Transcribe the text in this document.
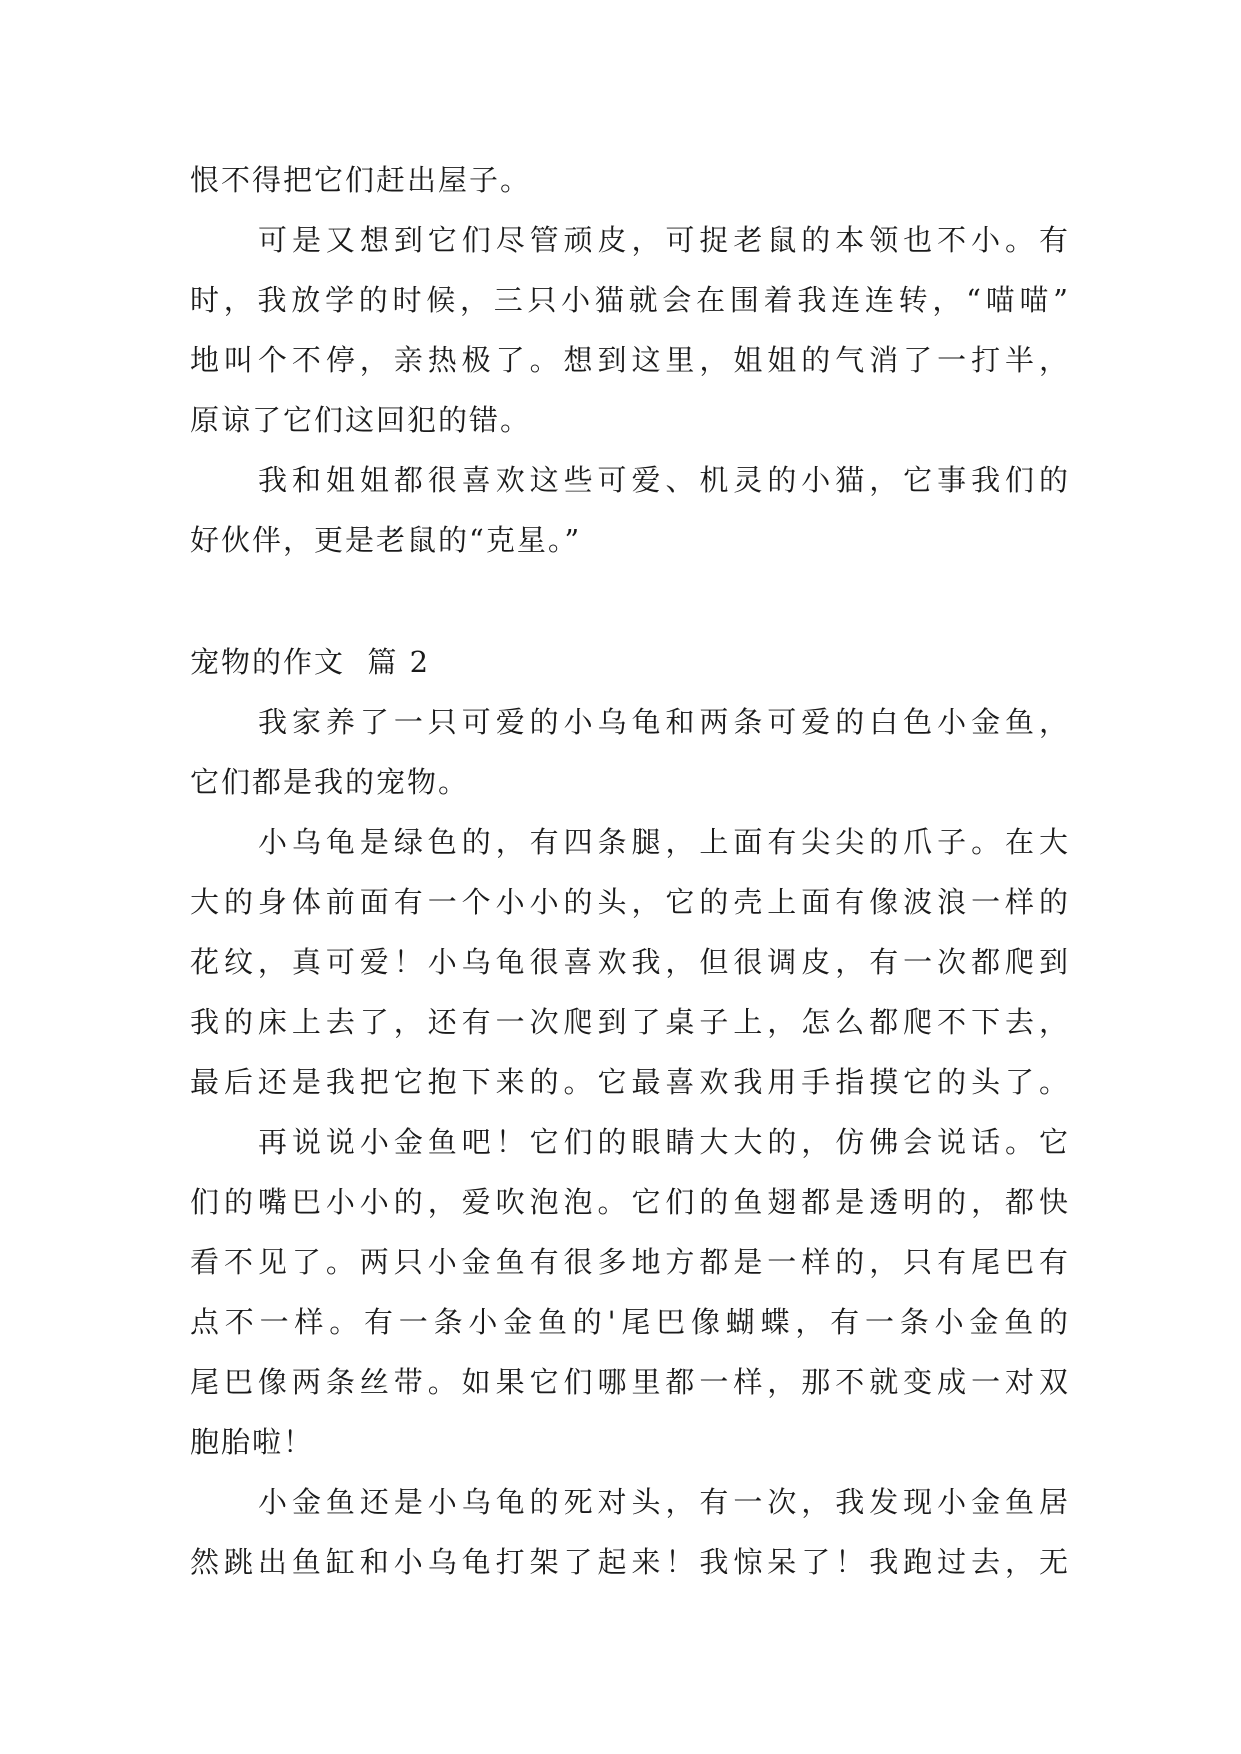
恨不得把它们赶出屋子。
可是又想到它们尽管顽皮，可捉老鼠的本领也不小。有
时，我放学的时候，三只小猫就会在围着我连连转，“喵喵”
地叫个不停，亲热极了。想到这里，姐姐的气消了一打半，
原谅了它们这回犯的错。
我和姐姐都很喜欢这些可爱、机灵的小猫，它事我们的
好伙伴，更是老鼠的“克星。”
宠物的作文  篇 2
我家养了一只可爱的小乌龟和两条可爱的白色小金鱼，
它们都是我的宠物。
小乌龟是绿色的，有四条腿，上面有尖尖的爪子。在大
大的身体前面有一个小小的头，它的壳上面有像波浪一样的
花纹，真可爱！小乌龟很喜欢我，但很调皮，有一次都爬到
我的床上去了，还有一次爬到了桌子上，怎么都爬不下去，
最后还是我把它抱下来的。它最喜欢我用手指摸它的头了。
再说说小金鱼吧！它们的眼睛大大的，仿佛会说话。它
们的嘴巴小小的，爱吹泡泡。它们的鱼翅都是透明的，都快
看不见了。两只小金鱼有很多地方都是一样的，只有尾巴有
点不一样。有一条小金鱼的'尾巴像蝴蝶，有一条小金鱼的
尾巴像两条丝带。如果它们哪里都一样，那不就变成一对双
胞胎啦！
小金鱼还是小乌龟的死对头，有一次，我发现小金鱼居
然跳出鱼缸和小乌龟打架了起来！我惊呆了！我跑过去，无
